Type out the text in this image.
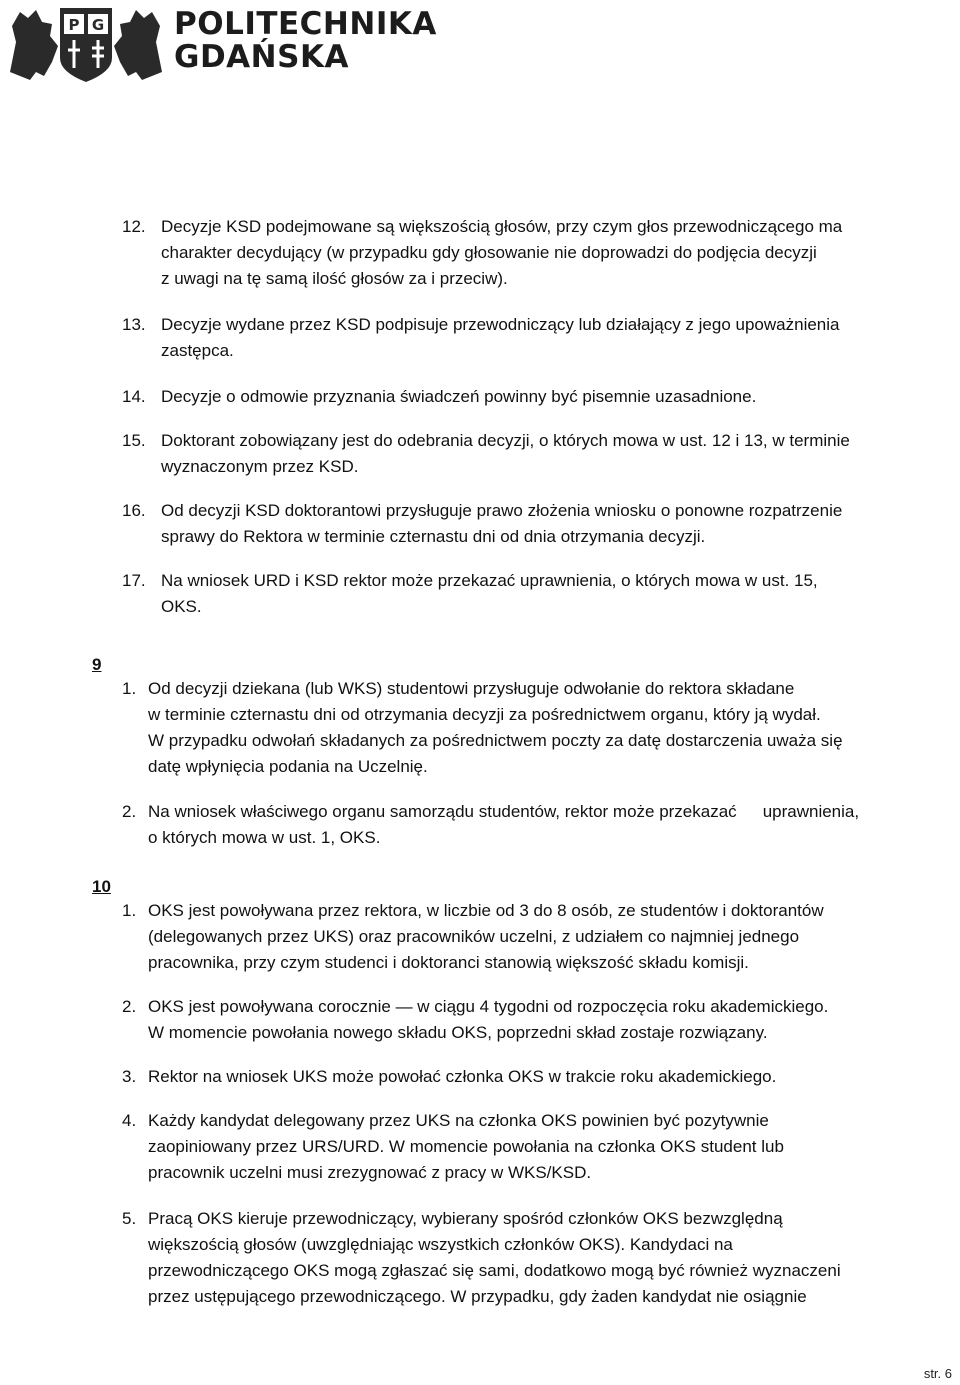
P G POLITECHNIKA
GDAŃSKA
12. Decyzje KSD podejmowane są większością głosów, przy czym głos przewodniczącego ma
charakter decydujący (w przypadku gdy głosowanie nie doprowadzi do podjęcia decyzji
z uwagi na tę samą ilość głosów za i przeciw).
13. Decyzje wydane przez KSD podpisuje przewodniczący lub działający z jego upoważnienia
zastępca.
14. Decyzje o odmowie przyznania świadczeń powinny być pisemnie uzasadnione.
15. Doktorant zobowiązany jest do odebrania decyzji, o których mowa w ust. 12 i 13, w terminie
wyznaczonym przez KSD.
16. Od decyzji KSD doktorantowi przysługuje prawo złożenia wniosku o ponowne rozpatrzenie
sprawy do Rektora w terminie czternastu dni od dnia otrzymania decyzji.
17. Na wniosek URD i KSD rektor może przekazać uprawnienia, o których mowa w ust. 15,
OKS.
9
1. Od decyzji dziekana (lub WKS) studentowi przysługuje odwołanie do rektora składane
w terminie czternastu dni od otrzymania decyzji za pośrednictwem organu, który ją wydał.
W przypadku odwołań składanych za pośrednictwem poczty za datę dostarczenia uważa się
datę wpłynięcia podania na Uczelnię.
2. Na wniosek właściwego organu samorządu studentów, rektor może przekazać uprawnienia,
o których mowa w ust. 1, OKS.
10
1. OKS jest powoływana przez rektora, w liczbie od 3 do 8 osób, ze studentów i doktorantów
(delegowanych przez UKS) oraz pracowników uczelni, z udziałem co najmniej jednego
pracownika, przy czym studenci i doktoranci stanowią większość składu komisji.
2. OKS jest powoływana corocznie — w ciągu 4 tygodni od rozpoczęcia roku akademickiego.
W momencie powołania nowego składu OKS, poprzedni skład zostaje rozwiązany.
3. Rektor na wniosek UKS może powołać członka OKS w trakcie roku akademickiego.
4. Każdy kandydat delegowany przez UKS na członka OKS powinien być pozytywnie
zaopiniowany przez URS/URD. W momencie powołania na członka OKS student lub
pracownik uczelni musi zrezygnować z pracy w WKS/KSD.
5. Pracą OKS kieruje przewodniczący, wybierany spośród członków OKS bezwzględną
większością głosów (uwzględniając wszystkich członków OKS). Kandydaci na
przewodniczącego OKS mogą zgłaszać się sami, dodatkowo mogą być również wyznaczeni
przez ustępującego przewodniczącego. W przypadku, gdy żaden kandydat nie osiągnie
str. 6
